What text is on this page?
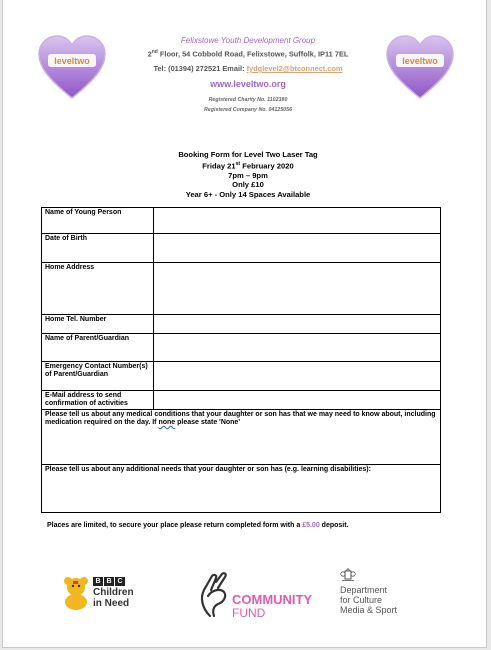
leveltwo	leveltwo
Felixstowe Youth Development Group
2nd Floor, 54 Cobbold Road, Felixstowe, Suffolk, IP11 7EL
Tel: (01394) 272521 Email: fydglevel2@btconnect.com
www.leveltwo.org
Registered Charity No. 1102380
Registered Company No. 04125056
Booking Form for Level Two Laser Tag
Friday 21st February 2020
7pm – 9pm
Only £10
Year 6+ - Only 14 Spaces Available
Name of Young Person	
Date of Birth	
Home Address	
Home Tel. Number	
Name of Parent/Guardian	
Emergency Contact Number(s) of Parent/Guardian	
E-Mail address to send confirmation of activities	
Please tell us about any medical conditions that your daughter or son has that we may need to know about, including medication required on the day. If none please state 'None'	
Please tell us about any additional needs that your daughter or son has (e.g. learning disabilities):	
Places are limited, to secure your place please return completed form with a £5.00 deposit.
B B C
Children
in Need	COMMUNITY
FUND
Department
for Culture
Media & Sport
